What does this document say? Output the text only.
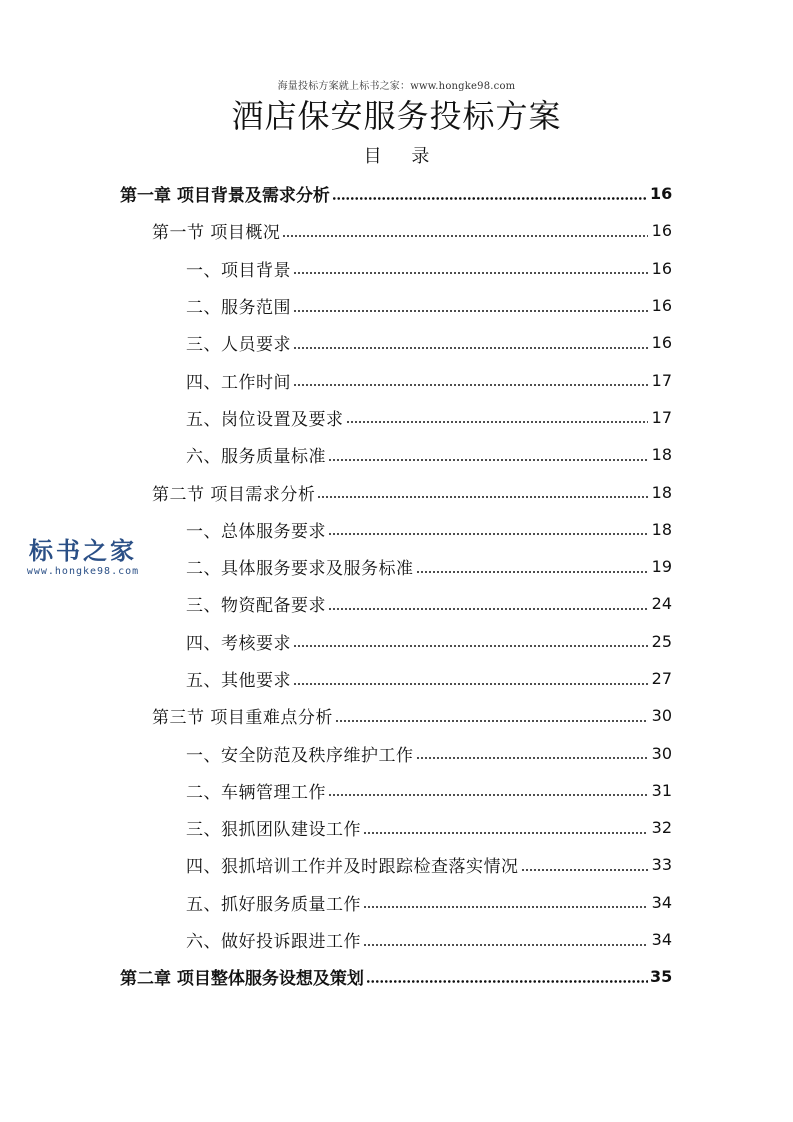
海量投标方案就上标书之家：www.hongke98.com
酒店保安服务投标方案
目 录
第一章 项目背景及需求分析	16
第一节 项目概况	16
一、项目背景	16
二、服务范围	16
三、人员要求	16
四、工作时间	17
五、岗位设置及要求	17
六、服务质量标准	18
第二节 项目需求分析	18
一、总体服务要求	18
二、具体服务要求及服务标准	19
三、物资配备要求	24
四、考核要求	25
五、其他要求	27
第三节 项目重难点分析	30
一、安全防范及秩序维护工作	30
二、车辆管理工作	31
三、狠抓团队建设工作	32
四、狠抓培训工作并及时跟踪检查落实情况	33
五、抓好服务质量工作	34
六、做好投诉跟进工作	34
第二章 项目整体服务设想及策划	35
标书之家
www.hongke98.com
